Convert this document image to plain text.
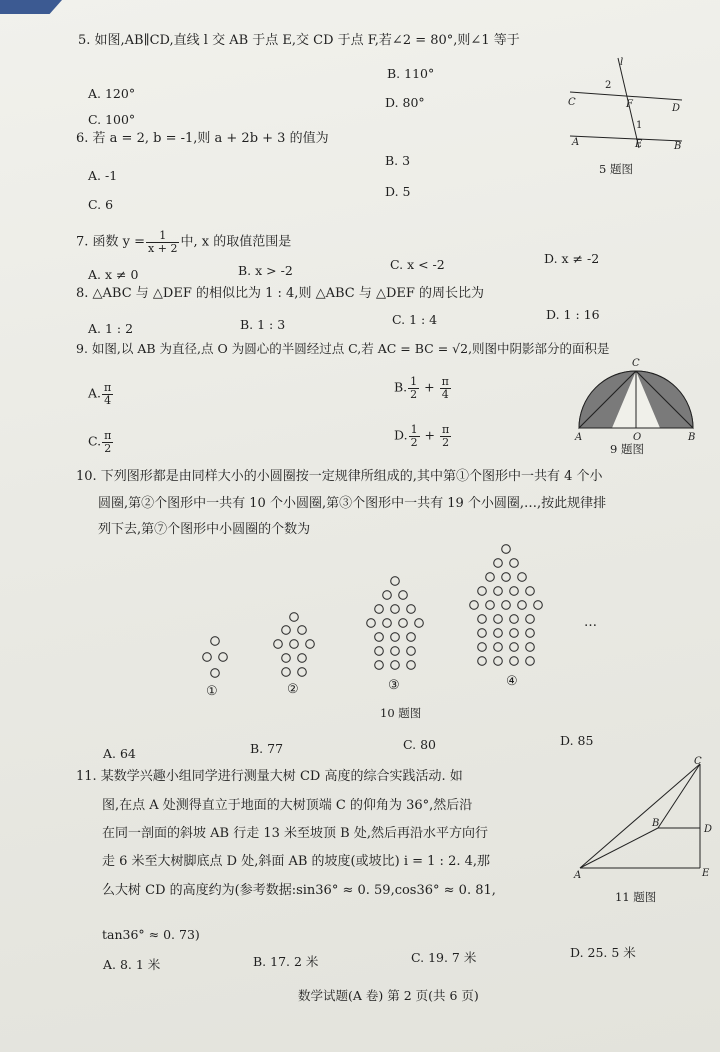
5. 如图,AB∥CD,直线 l 交 AB 于点 E,交 CD 于点 F,若∠2 = 80°,则∠1 等于
A. 120°
B. 110°
C. 100°
D. 80°
l
2
1
C	F	D
A	E	B
5 题图
6. 若 a = 2, b = -1,则 a + 2b + 3 的值为
A. -1
B. 3
C. 6
D. 5
7. 函数 $y = \frac{1}{x + 2}$ 中, x 的取值范围是
A. x ≠ 0	B. x > -2	C. x < -2	D. x ≠ -2
8. △ABC 与 △DEF 的相似比为 1 : 4,则 △ABC 与 △DEF 的周长比为
A. 1 : 2	B. 1 : 3	C. 1 : 4	D. 1 : 16
9. 如图,以 AB 为直径,点 O 为圆心的半圆经过点 C,若 AC = BC = √2,则图中阴影部分的面积是
A. $\frac{\pi}{4}$	B. $\frac{1}{2} + \frac{\pi}{4}$
C. $\frac{\pi}{2}$	D. $\frac{1}{2} + \frac{\pi}{2}$
C
A	O	B
9 题图
10. 下列图形都是由同样大小的小圆圈按一定规律所组成的,其中第①个图形中一共有 4 个小
圆圈,第②个图形中一共有 10 个小圆圈,第③个图形中一共有 19 个小圆圈,…,按此规律排
列下去,第⑦个图形中小圆圈的个数为
①	②	③	④
…
10 题图
A. 64	B. 77	C. 80	D. 85
11. 某数学兴趣小组同学进行测量大树 CD 高度的综合实践活动. 如
图,在点 A 处测得直立于地面的大树顶端 C 的仰角为 36°,然后沿
在同一剖面的斜坡 AB 行走 13 米至坡顶 B 处,然后再沿水平方向行
走 6 米至大树脚底点 D 处,斜面 AB 的坡度(或坡比) i = 1 : 2. 4,那
么大树 CD 的高度约为(参考数据:sin36° ≈ 0. 59,cos36° ≈ 0. 81,
tan36° ≈ 0. 73)
C
B
D
A	E
11 题图
A. 8. 1 米	B. 17. 2 米	C. 19. 7 米	D. 25. 5 米
数学试题(A 卷) 第 2 页(共 6 页)
